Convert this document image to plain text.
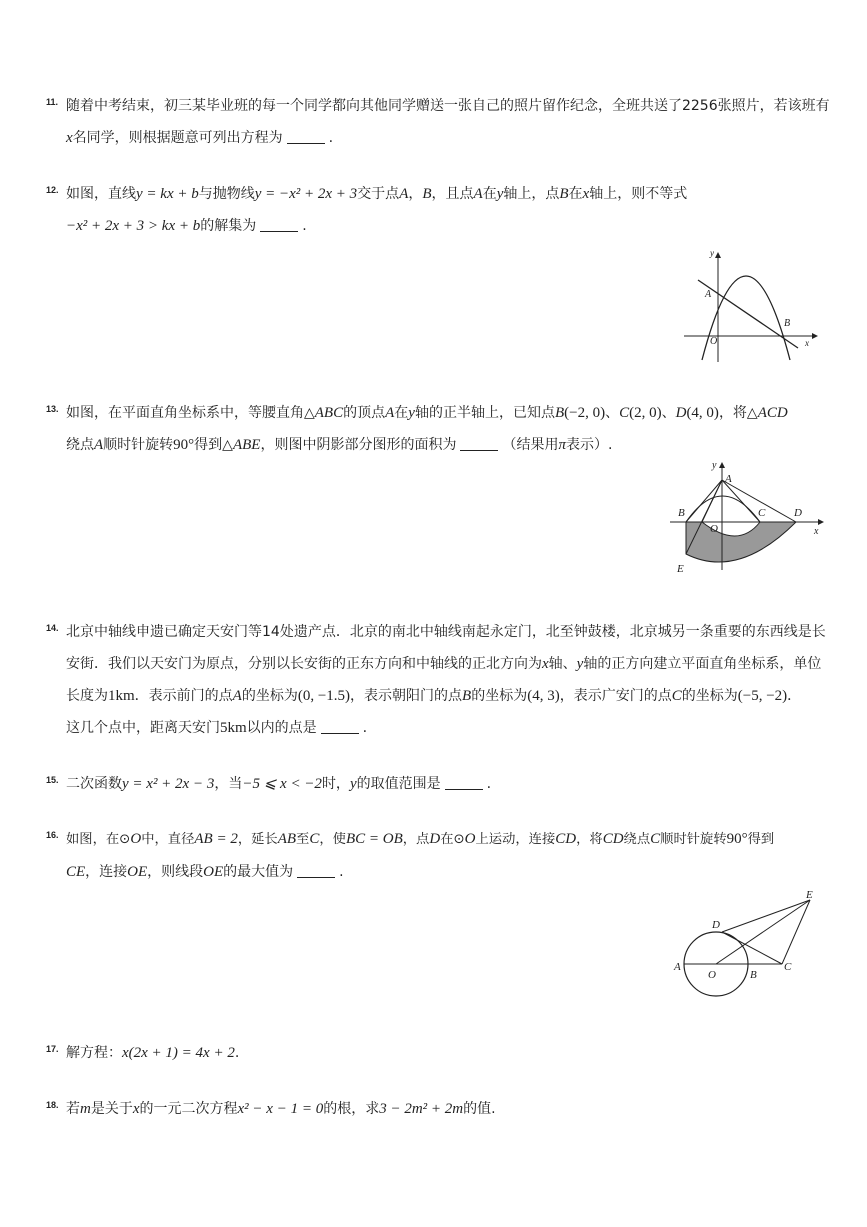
11. 随着中考结束，初三某毕业班的每一个同学都向其他同学赠送一张自己的照片留作纪念，全班共送了2256张照片，若该班有
x名同学，则根据题意可列出方程为	.
12. 如图，直线y = kx + b与抛物线y = −x² + 2x + 3交于点A，B，且点A在y轴上，点B在x轴上，则不等式
−x² + 2x + 3 > kx + b的解集为	.
y
A
B
O	x
13. 如图，在平面直角坐标系中，等腰直角△ABC的顶点A在y轴的正半轴上，已知点B(−2, 0)、C(2, 0)、D(4, 0)，将△ACD
绕点A顺时针旋转90°得到△ABE，则图中阴影部分图形的面积为	（结果用π表示）.
y
A
B	C	D
O
E
x
14. 北京中轴线申遗已确定天安门等14处遗产点．北京的南北中轴线南起永定门，北至钟鼓楼，北京城另一条重要的东西线是长
安街．我们以天安门为原点，分别以长安街的正东方向和中轴线的正北方向为x轴、y轴的正方向建立平面直角坐标系，单位
长度为1km．表示前门的点A的坐标为(0, −1.5)，表示朝阳门的点B的坐标为(4, 3)，表示广安门的点C的坐标为(−5, −2)．
这几个点中，距离天安门5km以内的点是	.
15. 二次函数y = x² + 2x − 3，当−5 ⩽ x < −2时，y的取值范围是	.
16. 如图，在⊙O中，直径AB = 2，延长AB至C，使BC = OB，点D在⊙O上运动，连接CD，将CD绕点C顺时针旋转90°得到
CE，连接OE，则线段OE的最大值为	.
A
O	B
C
D
E
17. 解方程：x(2x + 1) = 4x + 2.
18. 若m是关于x的一元二次方程x² − x − 1 = 0的根，求3 − 2m² + 2m的值.
